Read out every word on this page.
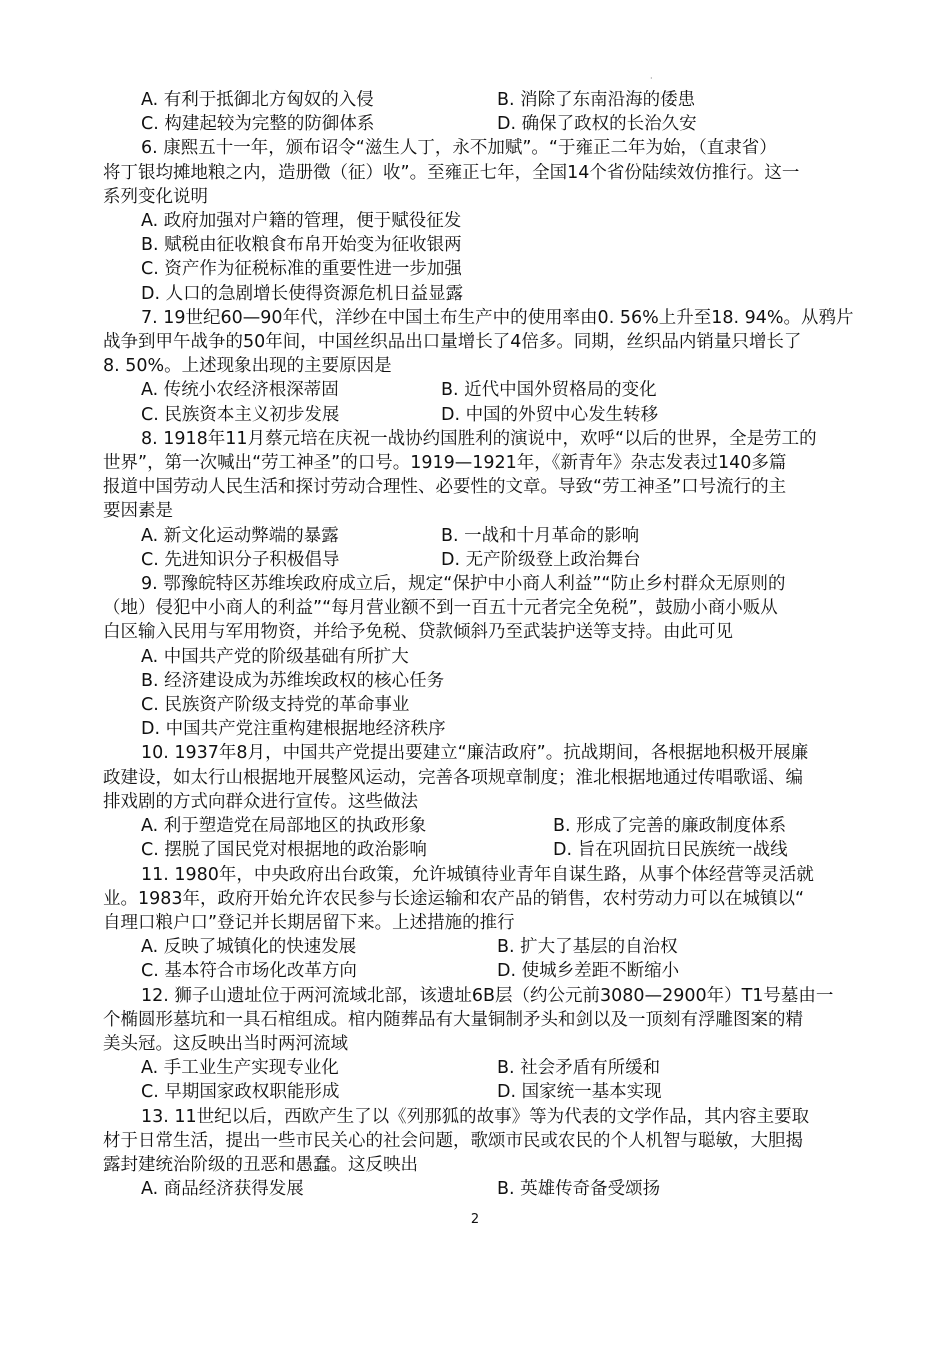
·
A. 有利于抵御北方匈奴的入侵	B. 消除了东南沿海的倭患
C. 构建起较为完整的防御体系	D. 确保了政权的长治久安
6. 康熙五十一年，颁布诏令“滋生人丁，永不加赋”。“于雍正二年为始，（直隶省）
将丁银均摊地粮之内，造册徵（征）收”。至雍正七年，全国14个省份陆续效仿推行。这一
系列变化说明
A. 政府加强对户籍的管理，便于赋役征发
B. 赋税由征收粮食布帛开始变为征收银两
C. 资产作为征税标准的重要性进一步加强
D. 人口的急剧增长使得资源危机日益显露
7. 19世纪60—90年代，洋纱在中国土布生产中的使用率由0. 56%上升至18. 94%。从鸦片
战争到甲午战争的50年间，中国丝织品出口量增长了4倍多。同期，丝织品内销量只增长了
8. 50%。上述现象出现的主要原因是
A. 传统小农经济根深蒂固	B. 近代中国外贸格局的变化
C. 民族资本主义初步发展	D. 中国的外贸中心发生转移
8. 1918年11月蔡元培在庆祝一战协约国胜利的演说中，欢呼“以后的世界，全是劳工的
世界”，第一次喊出“劳工神圣”的口号。1919—1921年，《新青年》杂志发表过140多篇
报道中国劳动人民生活和探讨劳动合理性、必要性的文章。导致“劳工神圣”口号流行的主
要因素是
A. 新文化运动弊端的暴露	B. 一战和十月革命的影响
C. 先进知识分子积极倡导	D. 无产阶级登上政治舞台
9. 鄂豫皖特区苏维埃政府成立后，规定“保护中小商人利益”“防止乡村群众无原则的
（地）侵犯中小商人的利益”“每月营业额不到一百五十元者完全免税”，鼓励小商小贩从
白区输入民用与军用物资，并给予免税、贷款倾斜乃至武装护送等支持。由此可见
A. 中国共产党的阶级基础有所扩大
B. 经济建设成为苏维埃政权的核心任务
C. 民族资产阶级支持党的革命事业
D. 中国共产党注重构建根据地经济秩序
10. 1937年8月，中国共产党提出要建立“廉洁政府”。抗战期间，各根据地积极开展廉
政建设，如太行山根据地开展整风运动，完善各项规章制度；淮北根据地通过传唱歌谣、编
排戏剧的方式向群众进行宣传。这些做法
A. 利于塑造党在局部地区的执政形象	B. 形成了完善的廉政制度体系
C. 摆脱了国民党对根据地的政治影响	D. 旨在巩固抗日民族统一战线
11. 1980年，中央政府出台政策，允许城镇待业青年自谋生路，从事个体经营等灵活就
业。1983年，政府开始允许农民参与长途运输和农产品的销售，农村劳动力可以在城镇以“
自理口粮户口”登记并长期居留下来。上述措施的推行
A. 反映了城镇化的快速发展	B. 扩大了基层的自治权
C. 基本符合市场化改革方向	D. 使城乡差距不断缩小
12. 狮子山遗址位于两河流域北部，该遗址6B层（约公元前3080—2900年）T1号墓由一
个椭圆形墓坑和一具石棺组成。棺内随葬品有大量铜制矛头和剑以及一顶刻有浮雕图案的精
美头冠。这反映出当时两河流域
A. 手工业生产实现专业化	B. 社会矛盾有所缓和
C. 早期国家政权职能形成	D. 国家统一基本实现
13. 11世纪以后，西欧产生了以《列那狐的故事》等为代表的文学作品，其内容主要取
材于日常生活，提出一些市民关心的社会问题，歌颂市民或农民的个人机智与聪敏，大胆揭
露封建统治阶级的丑恶和愚蠢。这反映出
A. 商品经济获得发展	B. 英雄传奇备受颂扬
2
